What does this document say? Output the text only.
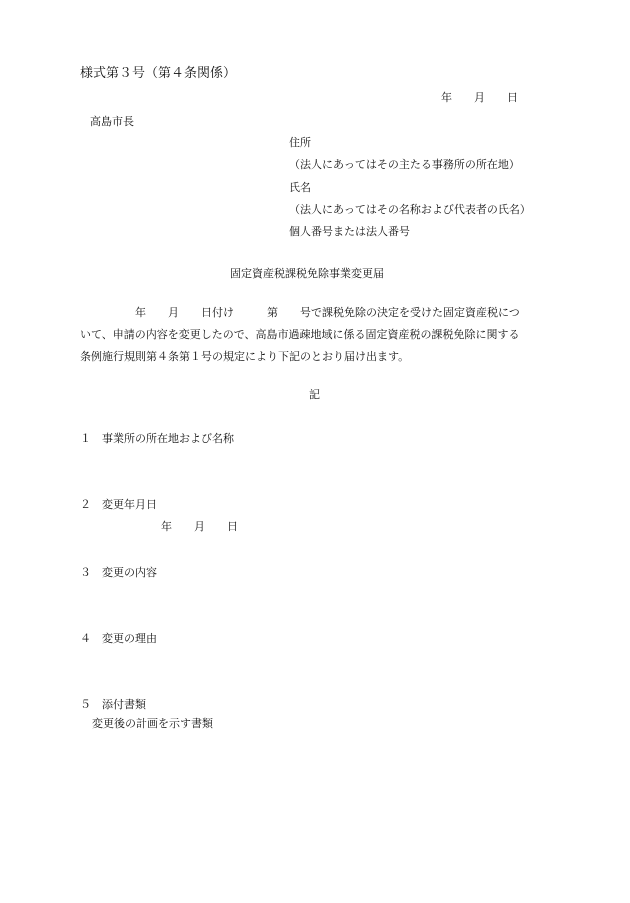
様式第３号（第４条関係）
年　　月　　日
高島市長
住所
（法人にあってはその主たる事務所の所在地）
氏名
（法人にあってはその名称および代表者の氏名）
個人番号または法人番号
固定資産税課税免除事業変更届
　　　　　年　　月　　日付け　　　第　　号で課税免除の決定を受けた固定資産税につ
いて、申請の内容を変更したので、高島市過疎地域に係る固定資産税の課税免除に関する
条例施行規則第４条第１号の規定により下記のとおり届け出ます。
記
１　事業所の所在地および名称
２　変更年月日
年　　月　　日
３　変更の内容
４　変更の理由
５　添付書類
変更後の計画を示す書類
